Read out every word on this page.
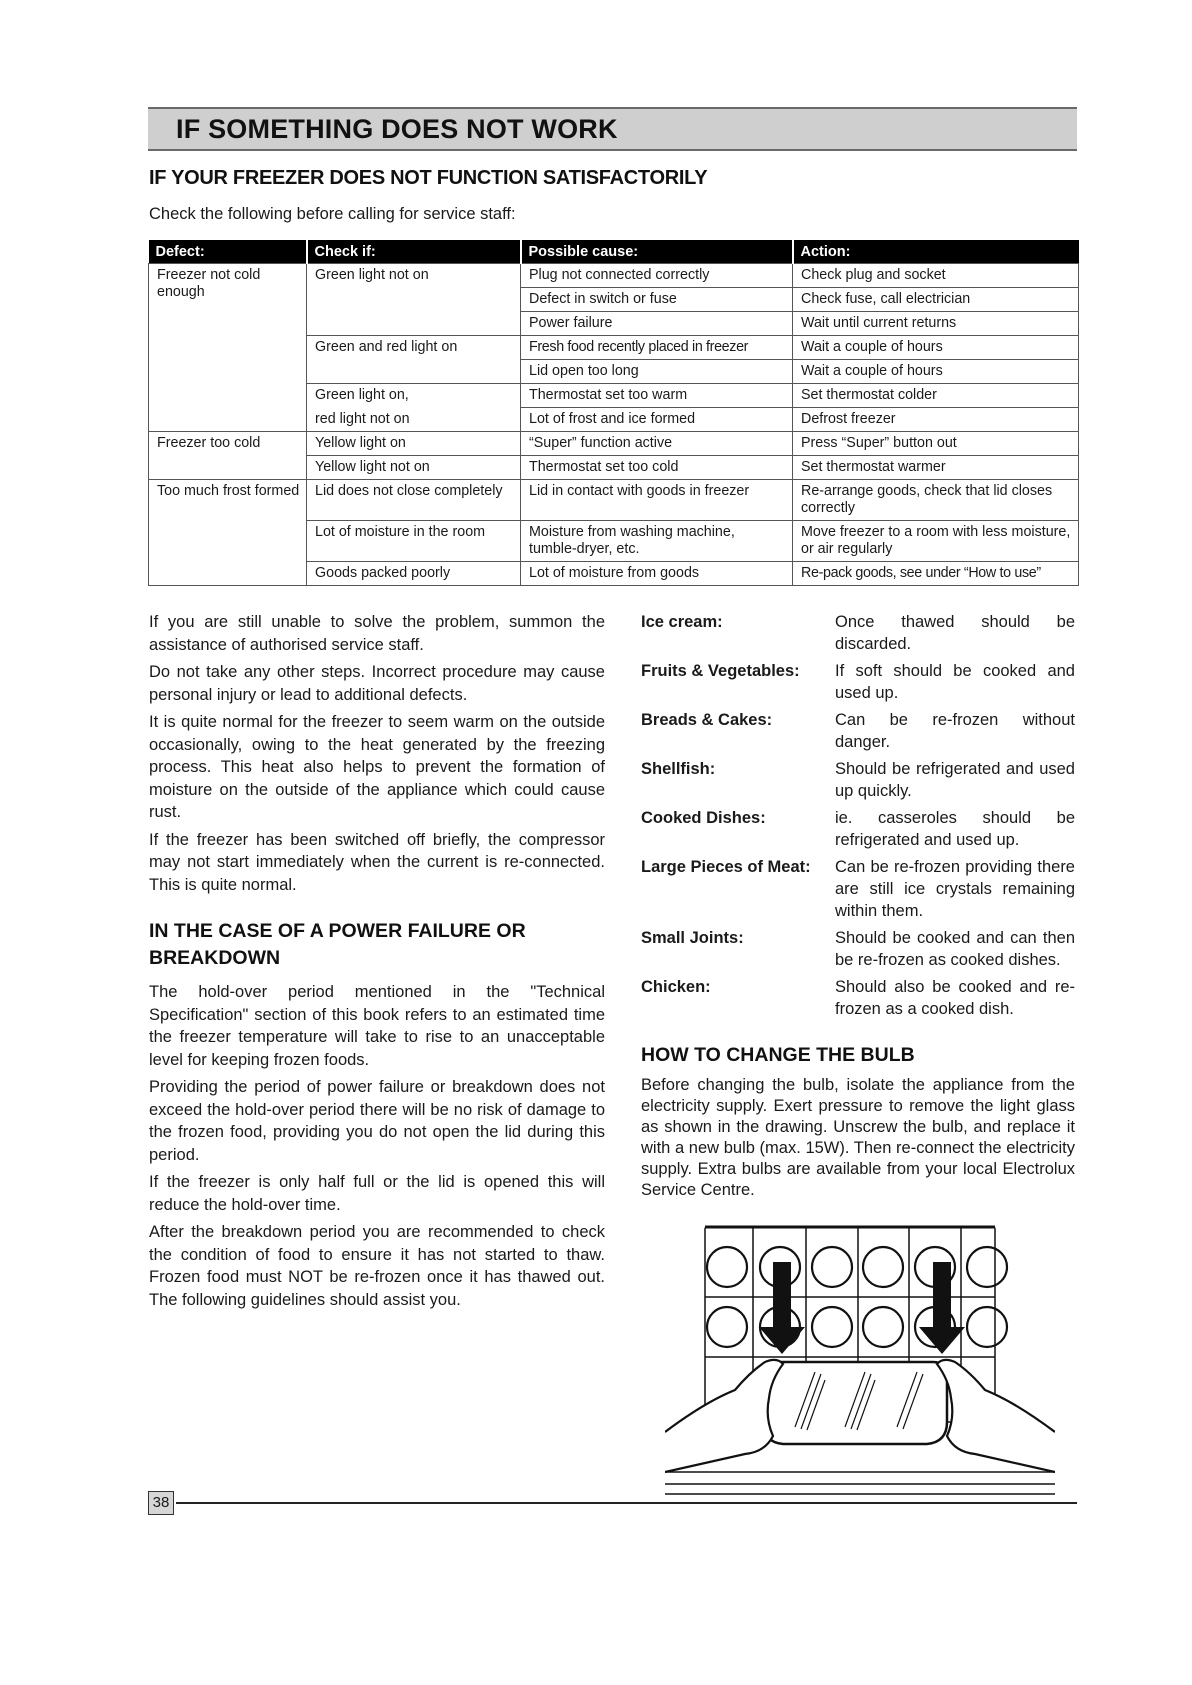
IF SOMETHING DOES NOT WORK
IF YOUR FREEZER DOES NOT FUNCTION SATISFACTORILY

Check the following before calling for service staff:

Defect:	Check if:	Possible cause:	Action:
Freezer not cold enough	Green light not on	Plug not connected correctly	Check plug and socket
		Defect in switch or fuse	Check fuse, call electrician
		Power failure	Wait until current returns
	Green and red light on	Fresh food recently placed in freezer	Wait a couple of hours
		Lid open too long	Wait a couple of hours
	Green light on,	Thermostat set too warm	Set thermostat colder
	red light not on	Lot of frost and ice formed	Defrost freezer
Freezer too cold	Yellow light on	“Super” function active	Press “Super” button out
	Yellow light not on	Thermostat set too cold	Set thermostat warmer
Too much frost formed	Lid does not close completely	Lid in contact with goods in freezer	Re-arrange goods, check that lid closes correctly
	Lot of moisture in the room	Moisture from washing machine, tumble-dryer, etc.	Move freezer to a room with less moisture, or air regularly
	Goods packed poorly	Lot of moisture from goods	Re-pack goods, see under “How to use”

If you are still unable to solve the problem, summon the assistance of authorised service staff.

Do not take any other steps. Incorrect procedure may cause personal injury or lead to additional defects.

It is quite normal for the freezer to seem warm on the outside occasionally, owing to the heat generated by the freezing process. This heat also helps to prevent the formation of moisture on the outside of the appliance which could cause rust.

If the freezer has been switched off briefly, the compressor may not start immediately when the current is re-connected. This is quite normal.

IN THE CASE OF A POWER FAILURE OR BREAKDOWN

The hold-over period mentioned in the "Technical Specification" section of this book refers to an estimated time the freezer temperature will take to rise to an unacceptable level for keeping frozen foods.

Providing the period of power failure or breakdown does not exceed the hold-over period there will be no risk of damage to the frozen food, providing you do not open the lid during this period.

If the freezer is only half full or the lid is opened this will reduce the hold-over time.

After the breakdown period you are recommended to check the condition of food to ensure it has not started to thaw. Frozen food must NOT be re-frozen once it has thawed out. The following guidelines should assist you.

Ice cream:	Once thawed should be discarded.
Fruits & Vegetables:	If soft should be cooked and used up.
Breads & Cakes:	Can be re-frozen without danger.
Shellfish:	Should be refrigerated and used up quickly.
Cooked Dishes:	ie. casseroles should be refrigerated and used up.
Large Pieces of Meat:	Can be re-frozen providing there are still ice crystals remaining within them.
Small Joints:	Should be cooked and can then be re-frozen as cooked dishes.
Chicken:	Should also be cooked and re-frozen as a cooked dish.
HOW TO CHANGE THE BULB

Before changing the bulb, isolate the appliance from the electricity supply. Exert pressure to remove the light glass as shown in the drawing. Unscrew the bulb, and replace it with a new bulb (max. 15W). Then re-connect the electricity supply. Extra bulbs are available from your local Electrolux Service Centre.

38
